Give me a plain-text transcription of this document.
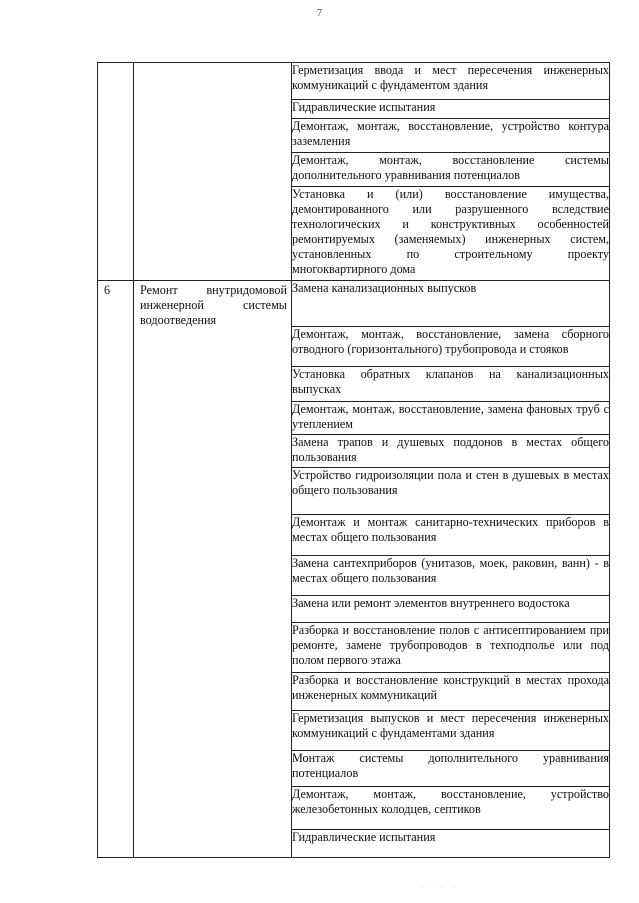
7

		Герметизация ввода и мест пересечения инженерных коммуникаций с фундаментом здания

		Гидравлические испытания

		Демонтаж, монтаж, восстановление, устройство контура заземления

		Демонтаж, монтаж, восстановление системы дополнительного уравнивания потенциалов

		Установка и (или) восстановление имущества, демонтированного или разрушенного вследствие технологических и конструктивных особенностей ремонтируемых (заменяемых) инженерных систем, установленных по строительному проекту многоквартирного дома

6	Ремонт внутридомовой инженерной системы водоотведения	Замена канализационных выпусков

		Демонтаж, монтаж, восстановление, замена сборного отводного (горизонтального) трубопровода и стояков

		Установка обратных клапанов на канализационных выпусках

		Демонтаж, монтаж, восстановление, замена фановых труб с утеплением

		Замена трапов и душевых поддонов в местах общего пользования

		Устройство гидроизоляции пола и стен в душевых в местах общего пользования

		Демонтаж и монтаж санитарно-технических приборов в местах общего пользования

		Замена сантехприборов (унитазов, моек, раковин, ванн) - в местах общего пользования

		Замена или ремонт элементов внутреннего водостока

		Разборка и восстановление полов с антисептированием при ремонте, замене трубопроводов в техподполье или под полом первого этажа

		Разборка и восстановление конструкций в местах прохода инженерных коммуникаций

		Герметизация выпусков и мест пересечения инженерных коммуникаций с фундаментами здания

		Монтаж системы дополнительного уравнивания потенциалов

		Демонтаж, монтаж, восстановление, устройство железобетонных колодцев, септиков

		Гидравлические испытания
· · · ·
